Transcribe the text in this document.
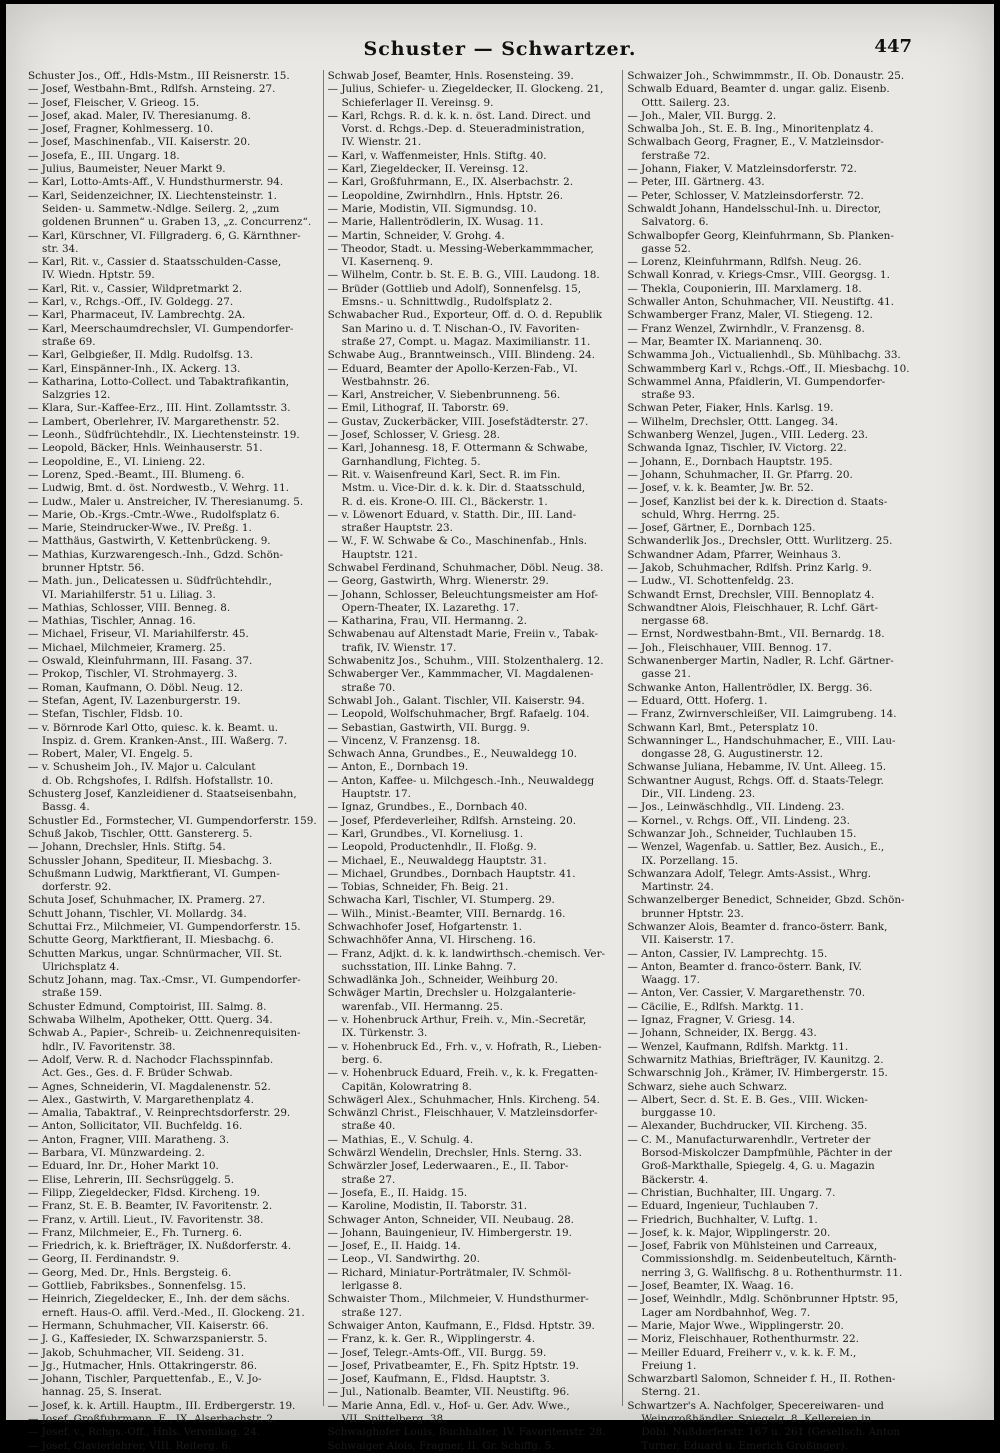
Schuster — Schwartzer.	447
Schuster Jos., Off., Hdls-Mstm., III Reisnerstr. 15.
— Josef, Westbahn-Bmt., Rdlfsh. Arnsteing. 27.
— Josef, Fleischer, V. Grieog. 15.
— Josef, akad. Maler, IV. Theresianumg. 8.
— Josef, Fragner, Kohlmesserg. 10.
— Josef, Maschinenfab., VII. Kaiserstr. 20.
— Josefa, E., III. Ungarg. 18.
— Julius, Baumeister, Neuer Markt 9.
— Karl, Lotto-Amts-Aff., V. Hundsthurmerstr. 94.
— Karl, Seidenzeichner, IX. Liechtensteinstr. 1.
Seiden- u. Sammetw.-Ndlge. Seilerg. 2, „zum
goldenen Brunnen“ u. Graben 13, „z. Concurrenz“.
— Karl, Kürschner, VI. Fillgraderg. 6, G. Kärnthner-
str. 34.
— Karl, Rit. v., Cassier d. Staatsschulden-Casse,
IV. Wiedn. Hptstr. 59.
— Karl, Rit. v., Cassier, Wildpretmarkt 2.
— Karl, v., Rchgs.-Off., IV. Goldegg. 27.
— Karl, Pharmaceut, IV. Lambrechtg. 2A.
— Karl, Meerschaumdrechsler, VI. Gumpendorfer-
straße 69.
— Karl, Gelbgießer, II. Mdlg. Rudolfsg. 13.
— Karl, Einspänner-Inh., IX. Ackerg. 13.
— Katharina, Lotto-Collect. und Tabaktrafikantin,
Salzgries 12.
— Klara, Sur.-Kaffee-Erz., III. Hint. Zollamtsstr. 3.
— Lambert, Oberlehrer, IV. Margarethenstr. 52.
— Leonh., Südfrüchtehdlr., IX. Liechtensteinstr. 19.
— Leopold, Bäcker, Hnls. Weinhauserstr. 51.
— Leopoldine, E., VI. Linieng. 22.
— Lorenz, Sped.-Beamt., III. Blumeng. 6.
— Ludwig, Bmt. d. öst. Nordwestb., V. Wehrg. 11.
— Ludw., Maler u. Anstreicher, IV. Theresianumg. 5.
— Marie, Ob.-Krgs.-Cmtr.-Wwe., Rudolfsplatz 6.
— Marie, Steindrucker-Wwe., IV. Preßg. 1.
— Matthäus, Gastwirth, V. Kettenbrückeng. 9.
— Mathias, Kurzwarengesch.-Inh., Gdzd. Schön-
brunner Hptstr. 56.
— Math. jun., Delicatessen u. Südfrüchtehdlr.,
VI. Mariahilferstr. 51 u. Liliag. 3.
— Mathias, Schlosser, VIII. Benneg. 8.
— Mathias, Tischler, Annag. 16.
— Michael, Friseur, VI. Mariahilferstr. 45.
— Michael, Milchmeier, Kramerg. 25.
— Oswald, Kleinfuhrmann, III. Fasang. 37.
— Prokop, Tischler, VI. Strohmayerg. 3.
— Roman, Kaufmann, O. Döbl. Neug. 12.
— Stefan, Agent, IV. Lazenburgerstr. 19.
— Stefan, Tischler, Fldsb. 10.
— v. Börnrode Karl Otto, quiesc. k. k. Beamt. u.
Inspiz. d. Grem. Kranken-Anst., III. Waßerg. 7.
— Robert, Maler, VI. Engelg. 5.
— v. Schusheim Joh., IV. Major u. Calculant
d. Ob. Rchgshofes, I. Rdlfsh. Hofstallstr. 10.
Schusterg Josef, Kanzleidiener d. Staatseisenbahn,
Bassg. 4.
Schustler Ed., Formstecher, VI. Gumpendorferstr. 159.
Schuß Jakob, Tischler, Ottt. Ganstererg. 5.
— Johann, Drechsler, Hnls. Stiftg. 54.
Schussler Johann, Spediteur, II. Miesbachg. 3.
Schußmann Ludwig, Marktfierant, VI. Gumpen-
dorferstr. 92.
Schuta Josef, Schuhmacher, IX. Pramerg. 27.
Schutt Johann, Tischler, VI. Mollardg. 34.
Schuttai Frz., Milchmeier, VI. Gumpendorferstr. 15.
Schutte Georg, Marktfierant, II. Miesbachg. 6.
Schutten Markus, ungar. Schnürmacher, VII. St.
Ulrichsplatz 4.
Schutz Johann, mag. Tax.-Cmsr., VI. Gumpendorfer-
straße 159.
Schuster Edmund, Comptoirist, III. Salmg. 8.
Schwaba Wilhelm, Apotheker, Ottt. Querg. 34.
Schwab A., Papier-, Schreib- u. Zeichnenrequisiten-
hdlr., IV. Favoritenstr. 38.
— Adolf, Verw. R. d. Nachodcr Flachsspinnfab.
Act. Ges., Ges. d. F. Brüder Schwab.
— Agnes, Schneiderin, VI. Magdalenenstr. 52.
— Alex., Gastwirth, V. Margarethenplatz 4.
— Amalia, Tabaktraf., V. Reinprechtsdorferstr. 29.
— Anton, Sollicitator, VII. Buchfeldg. 16.
— Anton, Fragner, VIII. Maratheng. 3.
— Barbara, VI. Münzwardeing. 2.
— Eduard, Inr. Dr., Hoher Markt 10.
— Elise, Lehrerin, III. Sechsrüggelg. 5.
— Filipp, Ziegeldecker, Fldsd. Kircheng. 19.
— Franz, St. E. B. Beamter, IV. Favoritenstr. 2.
— Franz, v. Artill. Lieut., IV. Favoritenstr. 38.
— Franz, Milchmeier, E., Fh. Turnerg. 6.
— Friedrich, k. k. Briefträger, IX. Nußdorferstr. 4.
— Georg, II. Ferdinandstr. 9.
— Georg, Med. Dr., Hnls. Bergsteig. 6.
— Gottlieb, Fabriksbes., Sonnenfelsg. 15.
— Heinrich, Ziegeldecker, E., Inh. der dem sächs.
erneft. Haus-O. affil. Verd.-Med., II. Glockeng. 21.
— Hermann, Schuhmacher, VII. Kaiserstr. 66.
— J. G., Kaffesieder, IX. Schwarzspanierstr. 5.
— Jakob, Schuhmacher, VII. Seideng. 31.
— Jg., Hutmacher, Hnls. Ottakringerstr. 86.
— Johann, Tischler, Parquettenfab., E., V. Jo-
hannag. 25, S. Inserat.
— Josef, k. k. Artill. Hauptm., III. Erdbergerstr. 19.
— Josef, Großfuhrmann, E., IX. Alserbachstr. 2.
— Josef, v., Rchgs.-Off., Hnls. Veronikag. 24.
— Josef, Clavierlehrer, VIII. Reiterg. 6.
Schwab Josef, Beamter, Hnls. Rosensteing. 39.
— Julius, Schiefer- u. Ziegeldecker, II. Glockeng. 21,
Schieferlager II. Vereinsg. 9.
— Karl, Rchgs. R. d. k. k. n. öst. Land. Direct. und
Vorst. d. Rchgs.-Dep. d. Steueradministration,
IV. Wienstr. 21.
— Karl, v. Waffenmeister, Hnls. Stiftg. 40.
— Karl, Ziegeldecker, II. Vereinsg. 12.
— Karl, Großfuhrmann, E., IX. Alserbachstr. 2.
— Leopoldine, Zwirnhdlrn., Hnls. Hptstr. 26.
— Marie, Modistin, VII. Sigmundsg. 10.
— Marie, Hallentrödlerin, IX. Wusag. 11.
— Martin, Schneider, V. Grohg. 4.
— Theodor, Stadt. u. Messing-Weberkammmacher,
VI. Kasernenq. 9.
— Wilhelm, Contr. b. St. E. B. G., VIII. Laudong. 18.
— Brüder (Gottlieb und Adolf), Sonnenfelsg. 15,
Emsns.- u. Schnittwdlg., Rudolfsplatz 2.
Schwabacher Rud., Exporteur, Off. d. O. d. Republik
San Marino u. d. T. Nischan-O., IV. Favoriten-
straße 27, Compt. u. Magaz. Maximilianstr. 11.
Schwabe Aug., Branntweinsch., VIII. Blindeng. 24.
— Eduard, Beamter der Apollo-Kerzen-Fab., VI.
Westbahnstr. 26.
— Karl, Anstreicher, V. Siebenbrunneng. 56.
— Emil, Lithograf, II. Taborstr. 69.
— Gustav, Zuckerbäcker, VIII. Josefstädterstr. 27.
— Josef, Schlosser, V. Griesg. 28.
— Karl, Johannesg. 18, F. Ottermann & Schwabe,
Garnhandlung, Fichteg. 5.
— Rit. v. Waisenfreund Karl, Sect. R. im Fin.
Mstm. u. Vice-Dir. d. k. k. Dir. d. Staatsschuld,
R. d. eis. Krone-O. III. Cl., Bäckerstr. 1.
— v. Löwenort Eduard, v. Statth. Dir., III. Land-
straßer Hauptstr. 23.
— W., F. W. Schwabe & Co., Maschinenfab., Hnls.
Hauptstr. 121.
Schwabel Ferdinand, Schuhmacher, Döbl. Neug. 38.
— Georg, Gastwirth, Whrg. Wienerstr. 29.
— Johann, Schlosser, Beleuchtungsmeister am Hof-
Opern-Theater, IX. Lazarethg. 17.
— Katharina, Frau, VII. Hermanng. 2.
Schwabenau auf Altenstadt Marie, Freiin v., Tabak-
trafik, IV. Wienstr. 17.
Schwabenitz Jos., Schuhm., VIII. Stolzenthalerg. 12.
Schwaberger Ver., Kammmacher, VI. Magdalenen-
straße 70.
Schwabl Joh., Galant. Tischler, VII. Kaiserstr. 94.
— Leopold, Wolfschuhmacher, Brgf. Rafaelg. 104.
— Sebastian, Gastwirth, VII. Burgg. 9.
— Vincenz, V. Franzensg. 18.
Schwach Anna, Grundbes., E., Neuwaldegg 10.
— Anton, E., Dornbach 19.
— Anton, Kaffee- u. Milchgesch.-Inh., Neuwaldegg
Hauptstr. 17.
— Ignaz, Grundbes., E., Dornbach 40.
— Josef, Pferdeverleiher, Rdlfsh. Arnsteing. 20.
— Karl, Grundbes., VI. Korneliusg. 1.
— Leopold, Productenhdlr., II. Floßg. 9.
— Michael, E., Neuwaldegg Hauptstr. 31.
— Michael, Grundbes., Dornbach Hauptstr. 41.
— Tobias, Schneider, Fh. Beig. 21.
Schwacha Karl, Tischler, VI. Stumperg. 29.
— Wilh., Minist.-Beamter, VIII. Bernardg. 16.
Schwachhofer Josef, Hofgartenstr. 1.
Schwachhöfer Anna, VI. Hirscheng. 16.
— Franz, Adjkt. d. k. k. landwirthsch.-chemisch. Ver-
suchsstation, III. Linke Bahng. 7.
Schwadlänka Joh., Schneider, Weihburg 20.
Schwäger Martin, Drechsler u. Holzgalanterie-
warenfab., VII. Hermanng. 25.
— v. Hohenbruck Arthur, Freih. v., Min.-Secretär,
IX. Türkenstr. 3.
— v. Hohenbruck Ed., Frh. v., v. Hofrath, R., Lieben-
berg. 6.
— v. Hohenbruck Eduard, Freih. v., k. k. Fregatten-
Capitän, Kolowratring 8.
Schwägerl Alex., Schuhmacher, Hnls. Kircheng. 54.
Schwänzl Christ., Fleischhauer, V. Matzleinsdorfer-
straße 40.
— Mathias, E., V. Schulg. 4.
Schwärzl Wendelin, Drechsler, Hnls. Sterng. 33.
Schwärzler Josef, Lederwaaren., E., II. Tabor-
straße 27.
— Josefa, E., II. Haidg. 15.
— Karoline, Modistin, II. Taborstr. 31.
Schwager Anton, Schneider, VII. Neubaug. 28.
— Johann, Bauingenieur, IV. Himbergerstr. 19.
— Josef, E., II. Haidg. 14.
— Leop., VI. Sandwirthg. 20.
— Richard, Miniatur-Porträtmaler, IV. Schmöl-
lerlgasse 8.
Schwaister Thom., Milchmeier, V. Hundsthurmer-
straße 127.
Schwaiger Anton, Kaufmann, E., Fldsd. Hptstr. 39.
— Franz, k. k. Ger. R., Wipplingerstr. 4.
— Josef, Telegr.-Amts-Off., VII. Burgg. 59.
— Josef, Privatbeamter, E., Fh. Spitz Hptstr. 19.
— Josef, Kaufmann, E., Fldsd. Hauptstr. 3.
— Jul., Nationalb. Beamter, VII. Neustiftg. 96.
— Marie Anna, Edl. v., Hof- u. Ger. Adv. Wwe.,
VII. Spittelberg. 38.
Schwaighofer Louis, Buchhalter, IV. Favoritenstr. 28.
Schwaiger Alois, Fragner, II. Gr. Schiffg. 5.
Schwaizer Joh., Schwimmmstr., II. Ob. Donaustr. 25.
Schwalb Eduard, Beamter d. ungar. galiz. Eisenb.
Ottt. Sailerg. 23.
— Joh., Maler, VII. Burgg. 2.
Schwalba Joh., St. E. B. Ing., Minoritenplatz 4.
Schwalbach Georg, Fragner, E., V. Matzleinsdor-
ferstraße 72.
— Johann, Fiaker, V. Matzleinsdorferstr. 72.
— Peter, III. Gärtnerg. 43.
— Peter, Schlosser, V. Matzleinsdorferstr. 72.
Schwaldt Johann, Handelsschul-Inh. u. Director,
Salvatorg. 6.
Schwalbopfer Georg, Kleinfuhrmann, Sb. Planken-
gasse 52.
— Lorenz, Kleinfuhrmann, Rdlfsh. Neug. 26.
Schwall Konrad, v. Kriegs-Cmsr., VIII. Georgsg. 1.
— Thekla, Couponierin, III. Marxlamerg. 18.
Schwaller Anton, Schuhmacher, VII. Neustiftg. 41.
Schwamberger Franz, Maler, VI. Stiegeng. 12.
— Franz Wenzel, Zwirnhdlr., V. Franzensg. 8.
— Mar, Beamter IX. Mariannenq. 30.
Schwamma Joh., Victualienhdl., Sb. Mühlbachg. 33.
Schwammberg Karl v., Rchgs.-Off., II. Miesbachg. 10.
Schwammel Anna, Pfaidlerin, VI. Gumpendorfer-
straße 93.
Schwan Peter, Fiaker, Hnls. Karlsg. 19.
— Wilhelm, Drechsler, Ottt. Langeg. 34.
Schwanberg Wenzel, Jugen., VIII. Lederg. 23.
Schwanda Ignaz, Tischler, IV. Victorg. 22.
— Johann, E., Dornbach Hauptstr. 195.
— Johann, Schuhmacher, II. Gr. Pfarrg. 20.
— Josef, v. k. k. Beamter, Jw. Br. 52.
— Josef, Kanzlist bei der k. k. Direction d. Staats-
schuld, Whrg. Herrng. 25.
— Josef, Gärtner, E., Dornbach 125.
Schwanderlik Jos., Drechsler, Ottt. Wurlitzerg. 25.
Schwandner Adam, Pfarrer, Weinhaus 3.
— Jakob, Schuhmacher, Rdlfsh. Prinz Karlg. 9.
— Ludw., VI. Schottenfeldg. 23.
Schwandt Ernst, Drechsler, VIII. Bennoplatz 4.
Schwandtner Alois, Fleischhauer, R. Lchf. Gärt-
nergasse 68.
— Ernst, Nordwestbahn-Bmt., VII. Bernardg. 18.
— Joh., Fleischhauer, VIII. Bennog. 17.
Schwanenberger Martin, Nadler, R. Lchf. Gärtner-
gasse 21.
Schwanke Anton, Hallentrödler, IX. Bergg. 36.
— Eduard, Ottt. Hoferg. 1.
— Franz, Zwirnverschleißer, VII. Laimgrubeng. 14.
Schwann Karl, Bmt., Petersplatz 10.
Schwanninger L., Handschuhmacher, E., VIII. Lau-
dongasse 28, G. Augustinerstr. 12.
Schwanse Juliana, Hebamme, IV. Unt. Alleeg. 15.
Schwantner August, Rchgs. Off. d. Staats-Telegr.
Dir., VII. Lindeng. 23.
— Jos., Leinwäschhdlg., VII. Lindeng. 23.
— Kornel., v. Rchgs. Off., VII. Lindeng. 23.
Schwanzar Joh., Schneider, Tuchlauben 15.
— Wenzel, Wagenfab. u. Sattler, Bez. Ausich., E.,
IX. Porzellang. 15.
Schwanzara Adolf, Telegr. Amts-Assist., Whrg.
Martinstr. 24.
Schwanzelberger Benedict, Schneider, Gbzd. Schön-
brunner Hptstr. 23.
Schwanzer Alois, Beamter d. franco-österr. Bank,
VII. Kaiserstr. 17.
— Anton, Cassier, IV. Lamprechtg. 15.
— Anton, Beamter d. franco-österr. Bank, IV.
Waagg. 17.
— Anton, Ver. Cassier, V. Margarethenstr. 70.
— Cäcilie, E., Rdlfsh. Marktg. 11.
— Ignaz, Fragner, V. Griesg. 14.
— Johann, Schneider, IX. Bergg. 43.
— Wenzel, Kaufmann, Rdlfsh. Marktg. 11.
Schwarnitz Mathias, Briefträger, IV. Kaunitzg. 2.
Schwarschnig Joh., Krämer, IV. Himbergerstr. 15.
Schwarz, siehe auch Schwarz.
— Albert, Secr. d. St. E. B. Ges., VIII. Wicken-
burggasse 10.
— Alexander, Buchdrucker, VII. Kircheng. 35.
— C. M., Manufacturwarenhdlr., Vertreter der
Borsod-Miskolczer Dampfmühle, Pächter in der
Groß-Markthalle, Spiegelg. 4, G. u. Magazin
Bäckerstr. 4.
— Christian, Buchhalter, III. Ungarg. 7.
— Eduard, Ingenieur, Tuchlauben 7.
— Friedrich, Buchhalter, V. Luftg. 1.
— Josef, k. k. Major, Wipplingerstr. 20.
— Josef, Fabrik von Mühlsteinen und Carreaux,
Commissionshdlg. m. Seidenbeuteltuch, Kärnth-
nerring 3, G. Wallfischg. 8 u. Rothenthurmstr. 11.
— Josef, Beamter, IX. Waag. 16.
— Josef, Weinhdlr., Mdlg. Schönbrunner Hptstr. 95,
Lager am Nordbahnhof, Weg. 7.
— Marie, Major Wwe., Wipplingerstr. 20.
— Moriz, Fleischhauer, Rothenthurmstr. 22.
— Meiller Eduard, Freiherr v., v. k. k. F. M.,
Freiung 1.
Schwarzbartl Salomon, Schneider f. H., II. Rothen-
Sterng. 21.
Schwartzer's A. Nachfolger, Specereiwaren- und
Weingroßhändler, Spiegelg. 8, Kellereien in
Döbl. Nußdorferstr. 167 u. 261 (Gesellsch. Anton
Turner, Eduard u. Emerich Großinger).
